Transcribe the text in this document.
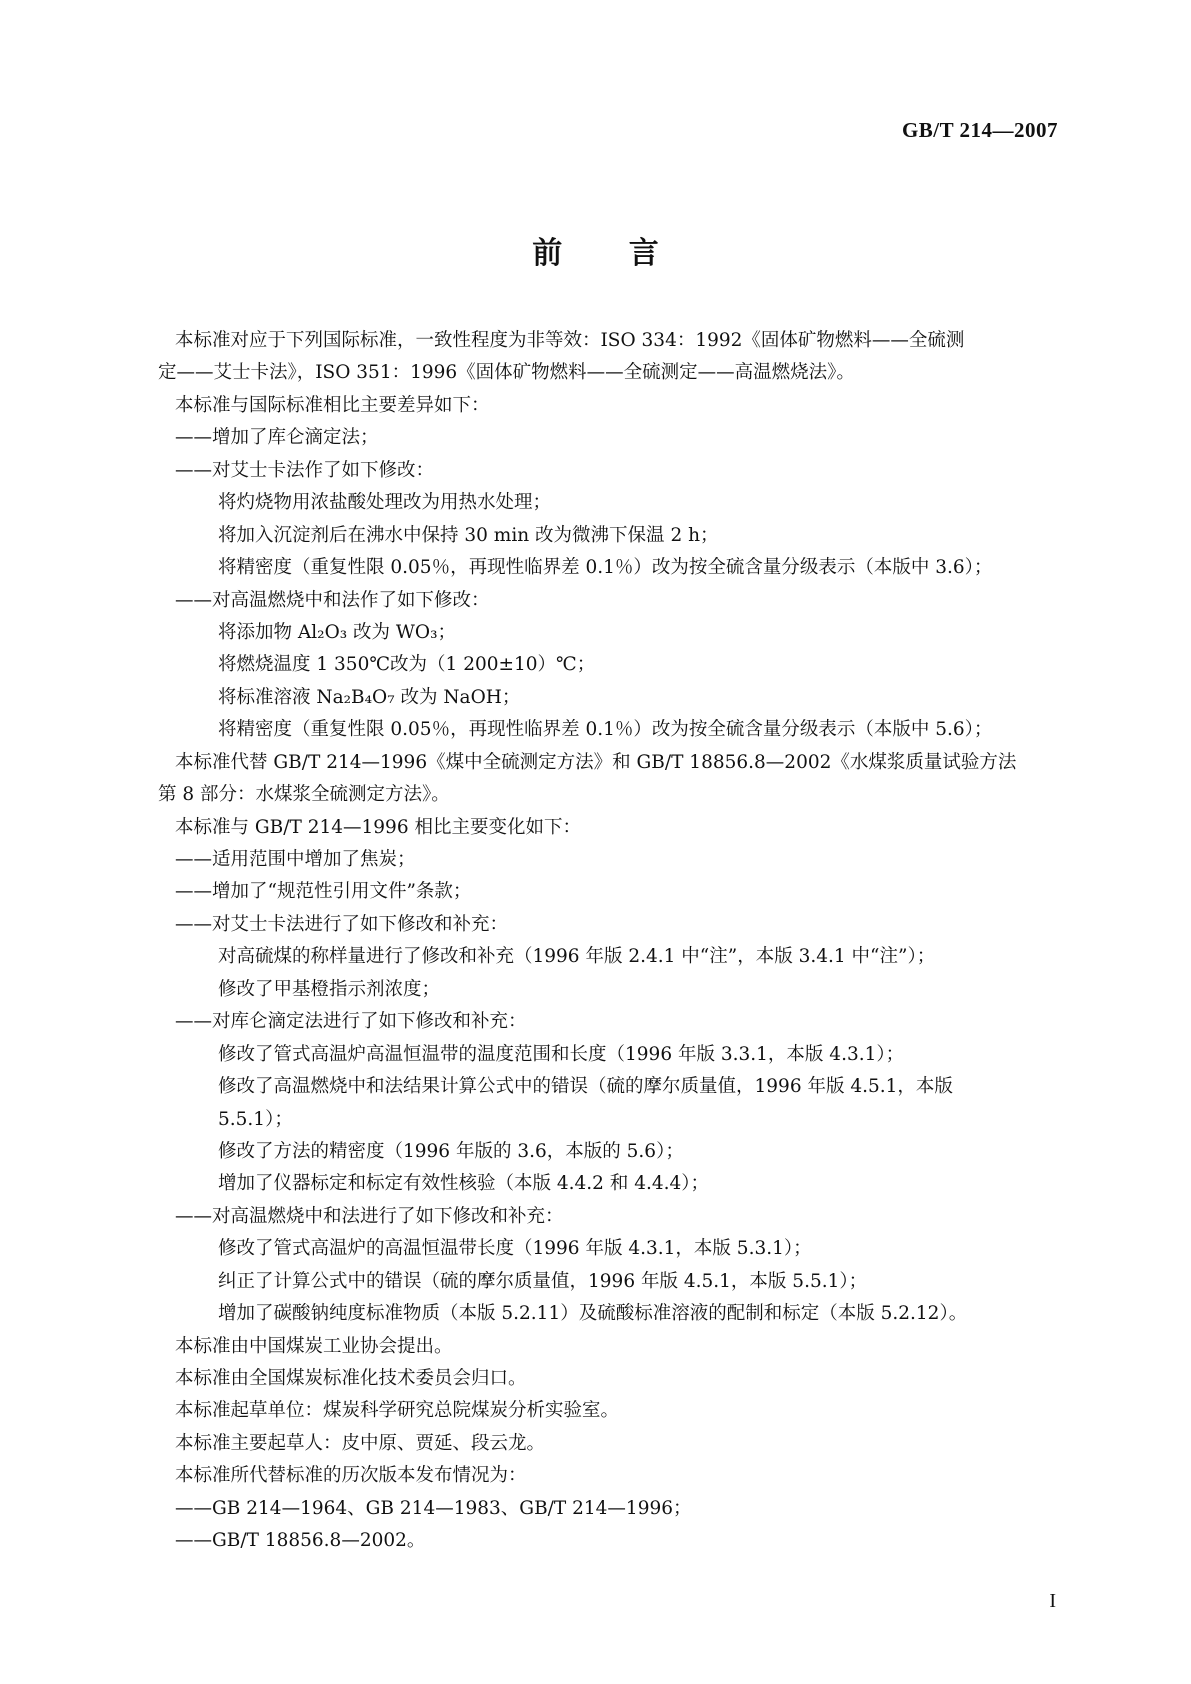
GB/T 214—2007
前 言
本标准对应于下列国际标准，一致性程度为非等效：ISO 334：1992《固体矿物燃料——全硫测
定——艾士卡法》，ISO 351：1996《固体矿物燃料——全硫测定——高温燃烧法》。
本标准与国际标准相比主要差异如下：
——增加了库仑滴定法；
——对艾士卡法作了如下修改：
将灼烧物用浓盐酸处理改为用热水处理；
将加入沉淀剂后在沸水中保持 30 min 改为微沸下保温 2 h；
将精密度（重复性限 0.05％，再现性临界差 0.1％）改为按全硫含量分级表示（本版中 3.6）；
——对高温燃烧中和法作了如下修改：
将添加物 Al₂O₃ 改为 WO₃；
将燃烧温度 1 350℃改为（1 200±10）℃；
将标准溶液 Na₂B₄O₇ 改为 NaOH；
将精密度（重复性限 0.05％，再现性临界差 0.1％）改为按全硫含量分级表示（本版中 5.6）；
本标准代替 GB/T 214—1996《煤中全硫测定方法》和 GB/T 18856.8—2002《水煤浆质量试验方法
第 8 部分：水煤浆全硫测定方法》。
本标准与 GB/T 214—1996 相比主要变化如下：
——适用范围中增加了焦炭；
——增加了“规范性引用文件”条款；
——对艾士卡法进行了如下修改和补充：
对高硫煤的称样量进行了修改和补充（1996 年版 2.4.1 中“注”，本版 3.4.1 中“注”）；
修改了甲基橙指示剂浓度；
——对库仑滴定法进行了如下修改和补充：
修改了管式高温炉高温恒温带的温度范围和长度（1996 年版 3.3.1，本版 4.3.1）；
修改了高温燃烧中和法结果计算公式中的错误（硫的摩尔质量值，1996 年版 4.5.1，本版
5.5.1）；
修改了方法的精密度（1996 年版的 3.6，本版的 5.6）；
增加了仪器标定和标定有效性核验（本版 4.4.2 和 4.4.4）；
——对高温燃烧中和法进行了如下修改和补充：
修改了管式高温炉的高温恒温带长度（1996 年版 4.3.1，本版 5.3.1）；
纠正了计算公式中的错误（硫的摩尔质量值，1996 年版 4.5.1，本版 5.5.1）；
增加了碳酸钠纯度标准物质（本版 5.2.11）及硫酸标准溶液的配制和标定（本版 5.2.12）。
本标准由中国煤炭工业协会提出。
本标准由全国煤炭标准化技术委员会归口。
本标准起草单位：煤炭科学研究总院煤炭分析实验室。
本标准主要起草人：皮中原、贾延、段云龙。
本标准所代替标准的历次版本发布情况为：
——GB 214—1964、GB 214—1983、GB/T 214—1996；
——GB/T 18856.8—2002。
I
